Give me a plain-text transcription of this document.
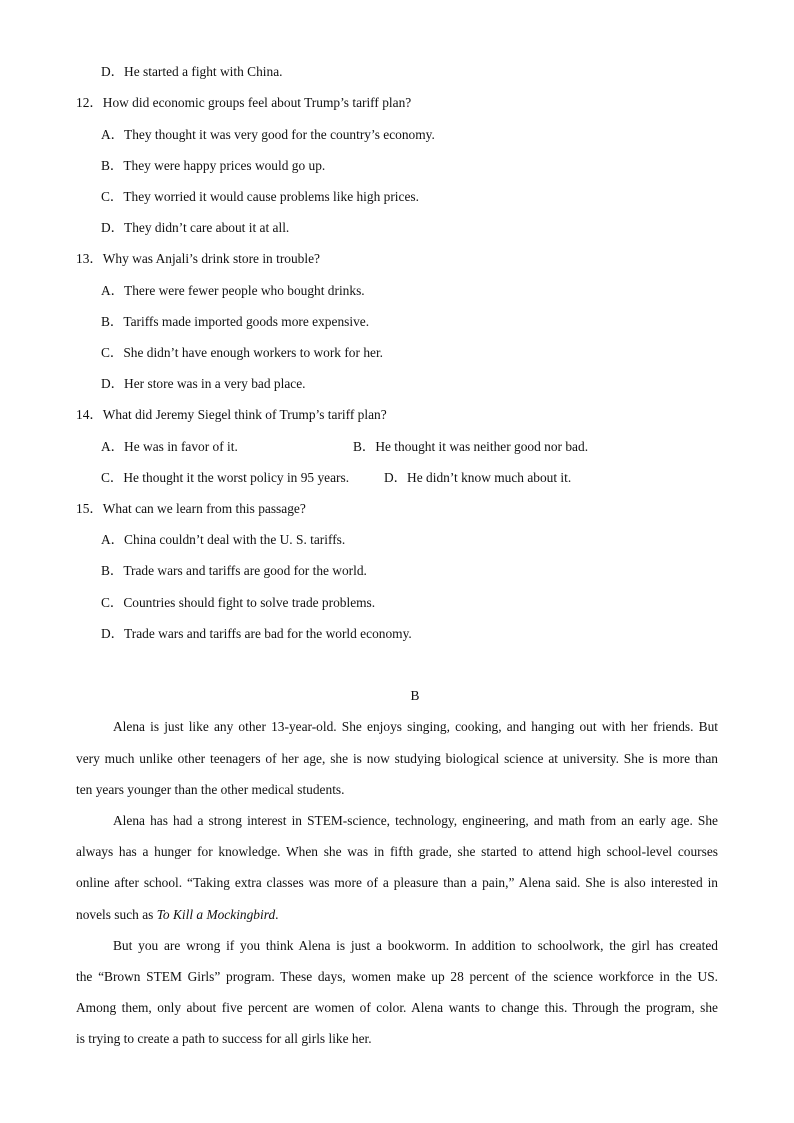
D．He started a fight with China.
12．How did economic groups feel about Trump’s tariff plan?
A．They thought it was very good for the country’s economy.
B．They were happy prices would go up.
C．They worried it would cause problems like high prices.
D．They didn’t care about it at all.
13．Why was Anjali’s drink store in trouble?
A．There were fewer people who bought drinks.
B．Tariffs made imported goods more expensive.
C．She didn’t have enough workers to work for her.
D．Her store was in a very bad place.
14．What did Jeremy Siegel think of Trump’s tariff plan?
A．He was in favor of it.	B．He thought it was neither good nor bad.
C．He thought it the worst policy in 95 years.	D．He didn’t know much about it.
15．What can we learn from this passage?
A．China couldn’t deal with the U. S. tariffs.
B．Trade wars and tariffs are good for the world.
C．Countries should fight to solve trade problems.
D．Trade wars and tariffs are bad for the world economy.
B
Alena is just like any other 13-year-old. She enjoys singing, cooking, and hanging out with her friends. But
very much unlike other teenagers of her age, she is now studying biological science at university. She is more than
ten years younger than the other medical students.
Alena has had a strong interest in STEM-science, technology, engineering, and math from an early age. She
always has a hunger for knowledge. When she was in fifth grade, she started to attend high school-level courses
online after school. “Taking extra classes was more of a pleasure than a pain,” Alena said. She is also interested in
novels such as To Kill a Mockingbird.
But you are wrong if you think Alena is just a bookworm. In addition to schoolwork, the girl has created
the “Brown STEM Girls” program. These days, women make up 28 percent of the science workforce in the US.
Among them, only about five percent are women of color. Alena wants to change this. Through the program, she
is trying to create a path to success for all girls like her.
